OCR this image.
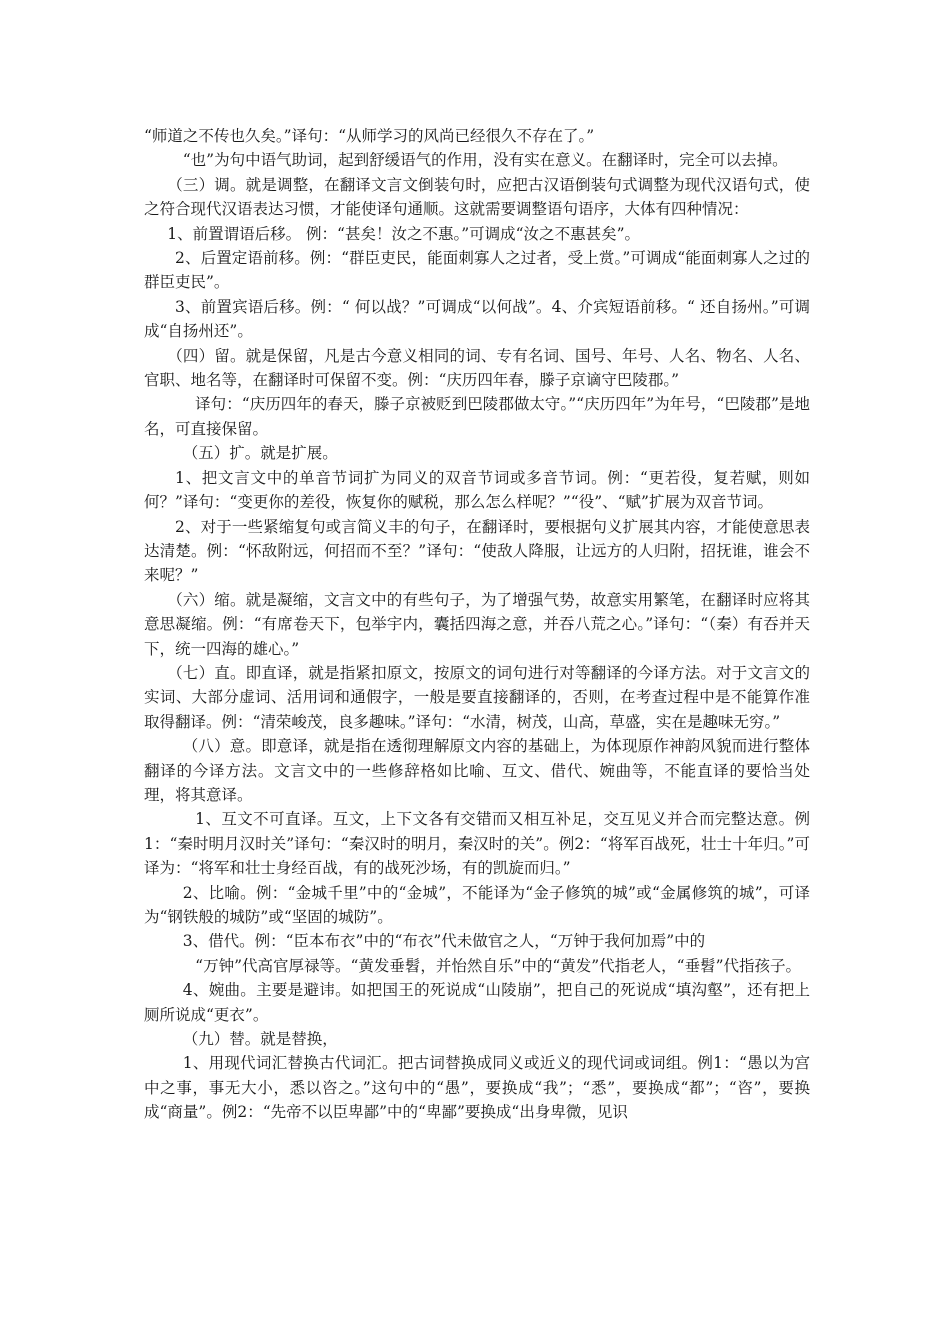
“师道之不传也久矣。”译句：“从师学习的风尚已经很久不存在了。”

“也”为句中语气助词，起到舒缓语气的作用，没有实在意义。在翻译时，完全可以去掉。

（三）调。就是调整，在翻译文言文倒装句时，应把古汉语倒装句式调整为现代汉语句式，使之符合现代汉语表达习惯，才能使译句通顺。这就需要调整语句语序，大体有四种情况：

1、前置谓语后移。 例：“甚矣！汝之不惠。”可调成“汝之不惠甚矣”。

2、后置定语前移。例：“群臣吏民，能面刺寡人之过者，受上赏。”可调成“能面刺寡人之过的群臣吏民”。

3、前置宾语后移。例：“ 何以战？”可调成“以何战”。4、介宾短语前移。“ 还自扬州。”可调成“自扬州还”。

（四）留。就是保留，凡是古今意义相同的词、专有名词、国号、年号、人名、物名、人名、官职、地名等，在翻译时可保留不变。例：“庆历四年春，滕子京谪守巴陵郡。”

译句：“庆历四年的春天，滕子京被贬到巴陵郡做太守。”“庆历四年”为年号，“巴陵郡”是地名，可直接保留。

（五）扩。就是扩展。

1、把文言文中的单音节词扩为同义的双音节词或多音节词。例：“更若役，复若赋，则如何？”译句：“变更你的差役，恢复你的赋税，那么怎么样呢？”“役”、“赋”扩展为双音节词。

2、对于一些紧缩复句或言简义丰的句子，在翻译时，要根据句义扩展其内容，才能使意思表达清楚。例：“怀敌附远，何招而不至？”译句：“使敌人降服，让远方的人归附，招抚谁，谁会不来呢？”

（六）缩。就是凝缩，文言文中的有些句子，为了增强气势，故意实用繁笔，在翻译时应将其意思凝缩。例：“有席卷天下，包举宇内，囊括四海之意，并吞八荒之心。”译句：“（秦）有吞并天下，统一四海的雄心。”

（七）直。即直译，就是指紧扣原文，按原文的词句进行对等翻译的今译方法。对于文言文的实词、大部分虚词、活用词和通假字，一般是要直接翻译的，否则，在考查过程中是不能算作准取得翻译。例：“清荣峻茂，良多趣味。”译句：“水清，树茂，山高，草盛，实在是趣味无穷。”

（八）意。即意译，就是指在透彻理解原文内容的基础上，为体现原作神韵风貌而进行整体翻译的今译方法。文言文中的一些修辞格如比喻、互文、借代、婉曲等，不能直译的要恰当处理，将其意译。

1、互文不可直译。互文，上下文各有交错而又相互补足，交互见义并合而完整达意。例1：“秦时明月汉时关”译句：“秦汉时的明月，秦汉时的关”。例2：“将军百战死，壮士十年归。”可译为：“将军和壮士身经百战，有的战死沙场，有的凯旋而归。”

2、比喻。例：“金城千里”中的“金城”，不能译为“金子修筑的城”或“金属修筑的城”，可译为“钢铁般的城防”或“坚固的城防”。

3、借代。例：“臣本布衣”中的“布衣”代未做官之人，“万钟于我何加焉”中的

“万钟”代高官厚禄等。“黄发垂髫，并怡然自乐”中的“黄发”代指老人，“垂髫”代指孩子。

4、婉曲。主要是避讳。如把国王的死说成“山陵崩”，把自己的死说成“填沟壑”，还有把上厕所说成“更衣”。

（九）替。就是替换，

1、用现代词汇替换古代词汇。把古词替换成同义或近义的现代词或词组。例1：“愚以为宫中之事，事无大小，悉以咨之。”这句中的“愚”，要换成“我”；“悉”，要换成“都”；“咨”，要换成“商量”。例2：“先帝不以臣卑鄙”中的“卑鄙”要换成“出身卑微，见识
